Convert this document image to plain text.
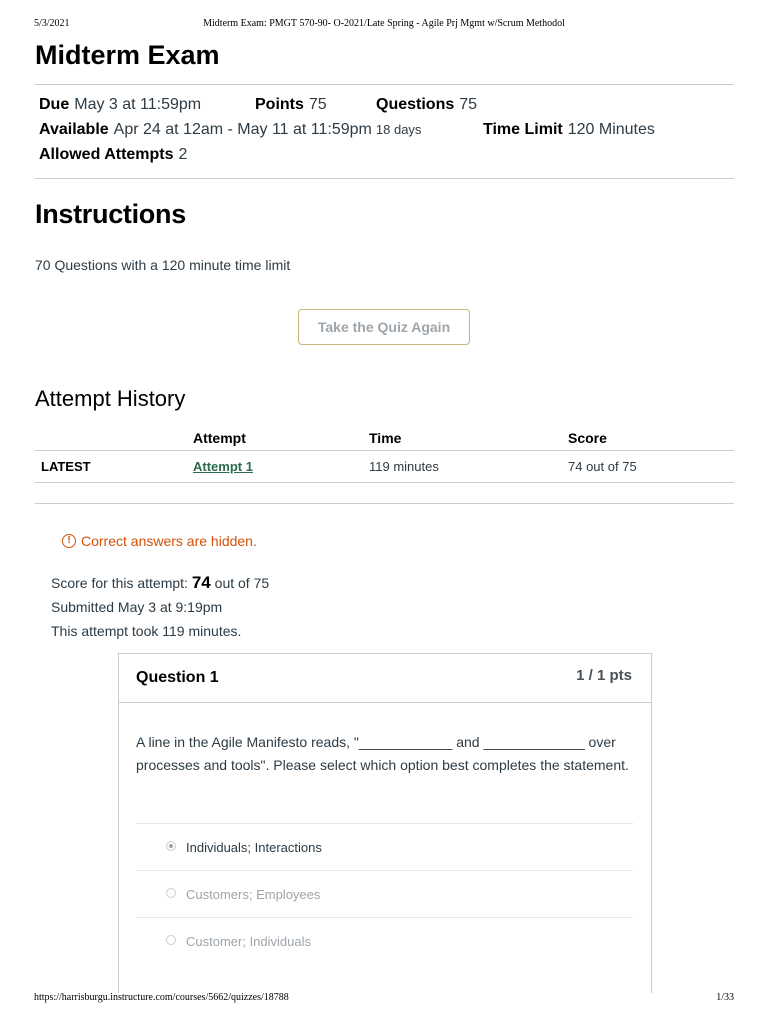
5/3/2021	Midterm Exam: PMGT 570-90- O-2021/Late Spring - Agile Prj Mgmt w/Scrum Methodol
Midterm Exam
Due May 3 at 11:59pm	Points 75	Questions 75
Available Apr 24 at 12am - May 11 at 11:59pm 18 days	Time Limit 120 Minutes
Allowed Attempts 2
Instructions
70 Questions with a 120 minute time limit
Take the Quiz Again
Attempt History
	Attempt	Time	Score
LATEST	Attempt 1	119 minutes	74 out of 75
! Correct answers are hidden.
Score for this attempt: 74 out of 75
Submitted May 3 at 9:19pm
This attempt took 119 minutes.
Question 1	1 / 1 pts
A line in the Agile Manifesto reads, "____________ and _____________ over processes and tools". Please select which option best completes the statement.
Individuals; Interactions
Customers; Employees
Customer; Individuals
https://harrisburgu.instructure.com/courses/5662/quizzes/18788	1/33
